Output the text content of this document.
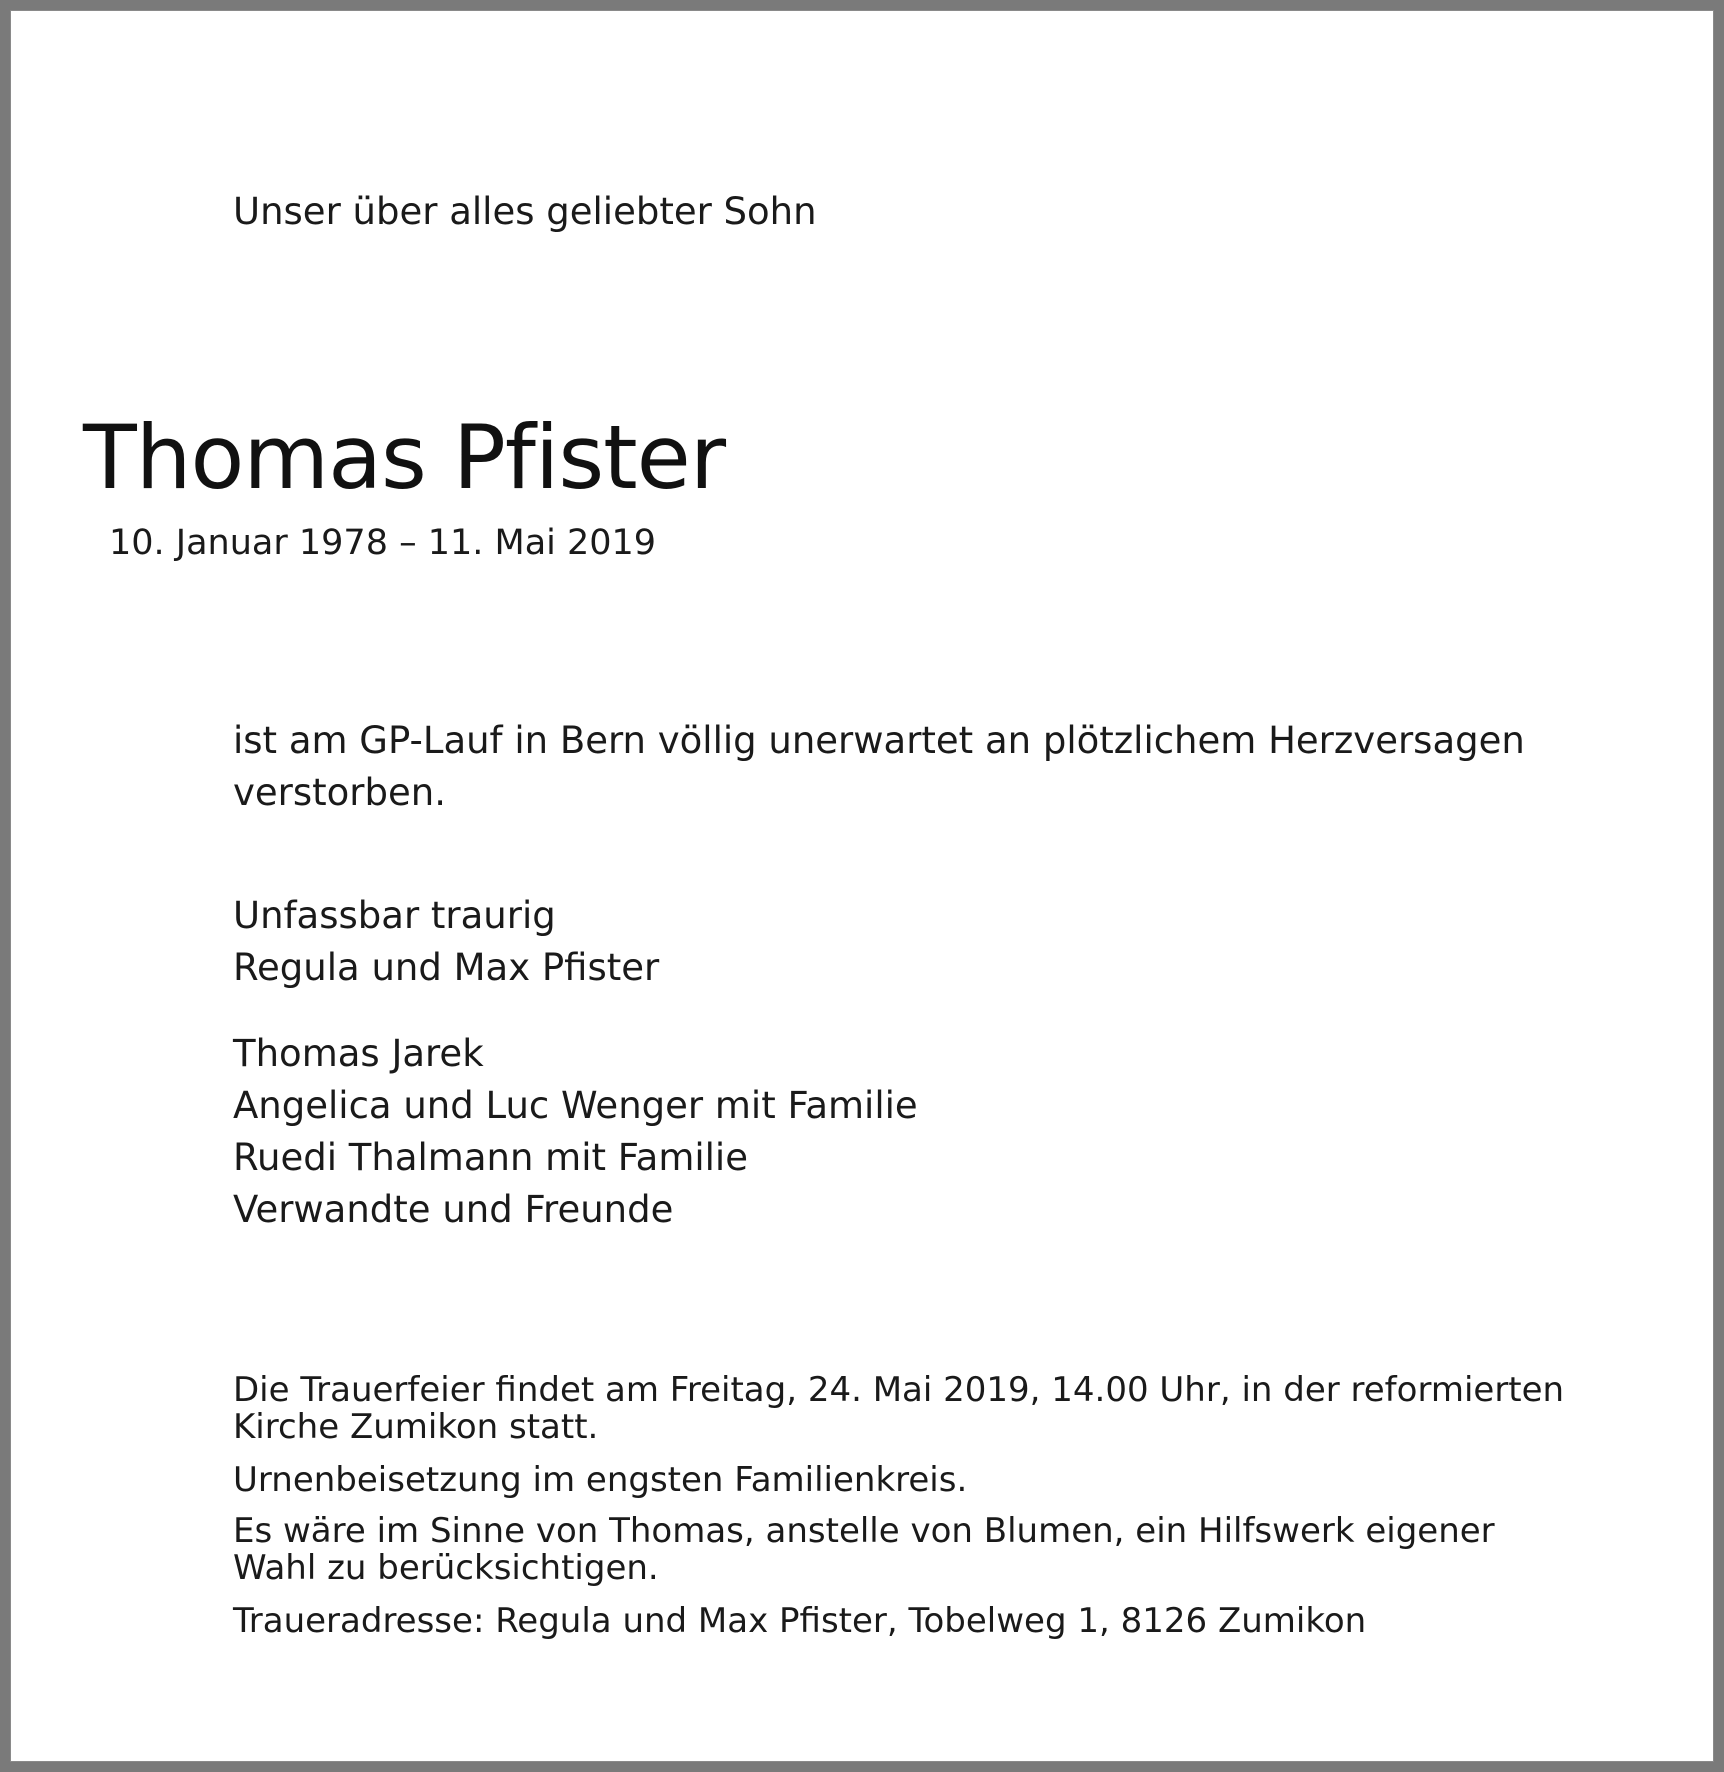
Unser über alles geliebter Sohn

Thomas Pfister

10. Januar 1978 – 11. Mai 2019

ist am GP-Lauf in Bern völlig unerwartet an plötzlichem Herzversagen
verstorben.

Unfassbar traurig
Regula und Max Pfister
Thomas Jarek
Angelica und Luc Wenger mit Familie
Ruedi Thalmann mit Familie
Verwandte und Freunde

Die Trauerfeier findet am Freitag, 24. Mai 2019, 14.00 Uhr, in der reformierten
Kirche Zumikon statt.

Urnenbeisetzung im engsten Familienkreis.

Es wäre im Sinne von Thomas, anstelle von Blumen, ein Hilfswerk eigener
Wahl zu berücksichtigen.

Traueradresse: Regula und Max Pfister, Tobelweg 1, 8126 Zumikon
